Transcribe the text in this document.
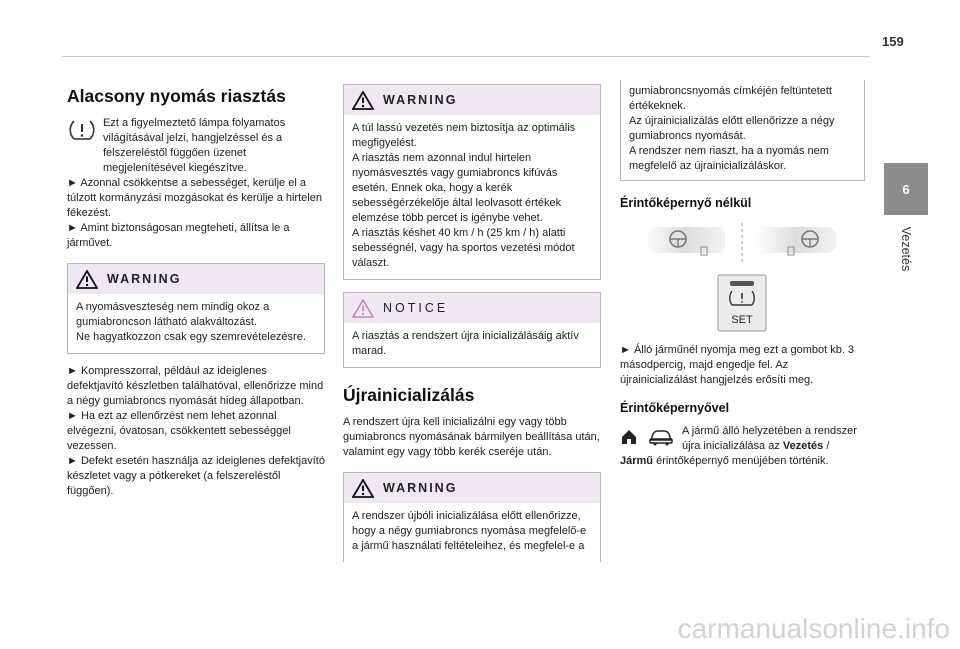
159
6
Vezetés
Alacsony nyomás riasztás

Ezt a figyelmeztető lámpa folyamatos világításával jelzi, hangjelzéssel és a felszereléstől függően üzenet megjelenítésével kiegészítve.

► Azonnal csökkentse a sebességet, kerülje el a túlzott kormányzási mozgásokat és kerülje a hirtelen fékezést.

► Amint biztonságosan megteheti, állítsa le a járművet.

WARNING

A nyomásveszteség nem mindig okoz a gumiabroncson látható alakváltozást.

Ne hagyatkozzon csak egy szemrevételezésre.

► Kompresszorral, például az ideiglenes defektjavító készletben találhatóval, ellenőrizze mind a négy gumiabroncs nyomását hideg állapotban.

► Ha ezt az ellenőrzést nem lehet azonnal elvégezni, óvatosan, csökkentett sebességgel vezessen.

► Defekt esetén használja az ideiglenes defektjavító készletet vagy a pótkereket (a felszereléstől függően).

WARNING

A túl lassú vezetés nem biztosítja az optimális megfigyelést.

A riasztás nem azonnal indul hirtelen nyomásvesztés vagy gumiabroncs kifúvás esetén. Ennek oka, hogy a kerék sebességérzékelője által leolvasott értékek elemzése több percet is igénybe vehet.

A riasztás késhet 40 km / h (25 km / h) alatti sebességnél, vagy ha sportos vezetési módot választ.

NOTICE

A riasztás a rendszert újra inicializálásáig aktív marad.

Újrainicializálás

A rendszert újra kell inicializálni egy vagy több gumiabroncs nyomásának bármilyen beállítása után, valamint egy vagy több kerék cseréje után.

WARNING

A rendszer újbóli inicializálása előtt ellenőrizze, hogy a négy gumiabroncs nyomása megfelelő-e a jármű használati feltételeihez, és megfelel-e a

gumiabroncsnyomás címkéjén feltüntetett értékeknek.

Az újrainicializálás előtt ellenőrizze a négy gumiabroncs nyomását.

A rendszer nem riaszt, ha a nyomás nem megfelelő az újrainicializáláskor.

Érintőképernyő nélkül
SET

► Álló járműnél nyomja meg ezt a gombot kb. 3 másodpercig, majd engedje fel. Az újrainicializálást hangjelzés erősíti meg.

Érintőképernyővel
A jármű álló helyzetében a rendszer újra inicializálása az Vezetés / Jármű érintőképernyő menüjében történik.
carmanualsonline.info
